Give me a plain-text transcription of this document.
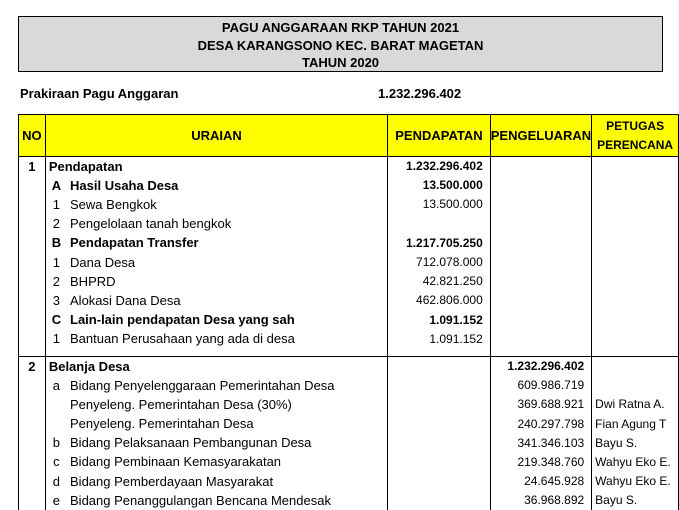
PAGU ANGGARAAN RKP TAHUN 2021
DESA KARANGSONO KEC. BARAT MAGETAN
TAHUN 2020
Prakiraan Pagu Anggaran	1.232.296.402
NO	URAIAN		PENDAPATAN	PENGELUARAN	PETUGAS
PERENCANA

1	Pendapatan		1.232.296.402		
	A	Hasil Usaha Desa	13.500.000		
	1	Sewa Bengkok	13.500.000		
	2	Pengelolaan tanah bengkok			
	B	Pendapatan Transfer	1.217.705.250		
	1	Dana Desa	712.078.000		
	2	BHPRD	42.821.250		
	3	Alokasi Dana Desa	462.806.000		
	C	Lain-lain pendapatan Desa yang sah	1.091.152		
	1	Bantuan Perusahaan yang ada di desa	1.091.152		

2	Belanja Desa			1.232.296.402	
	a	Bidang Penyelenggaraan Pemerintahan Desa		609.986.719	
		Penyeleng. Pemerintahan Desa (30%)		369.688.921	Dwi Ratna A.
		Penyeleng. Pemerintahan Desa		240.297.798	Fian Agung T
	b	Bidang Pelaksanaan Pembangunan Desa		341.346.103	Bayu S.
	c	Bidang Pembinaan Kemasyarakatan		219.348.760	Wahyu Eko E.
	d	Bidang Pemberdayaan Masyarakat		24.645.928	Wahyu Eko E.
	e	Bidang Penanggulangan Bencana Mendesak		36.968.892	Bayu S.
